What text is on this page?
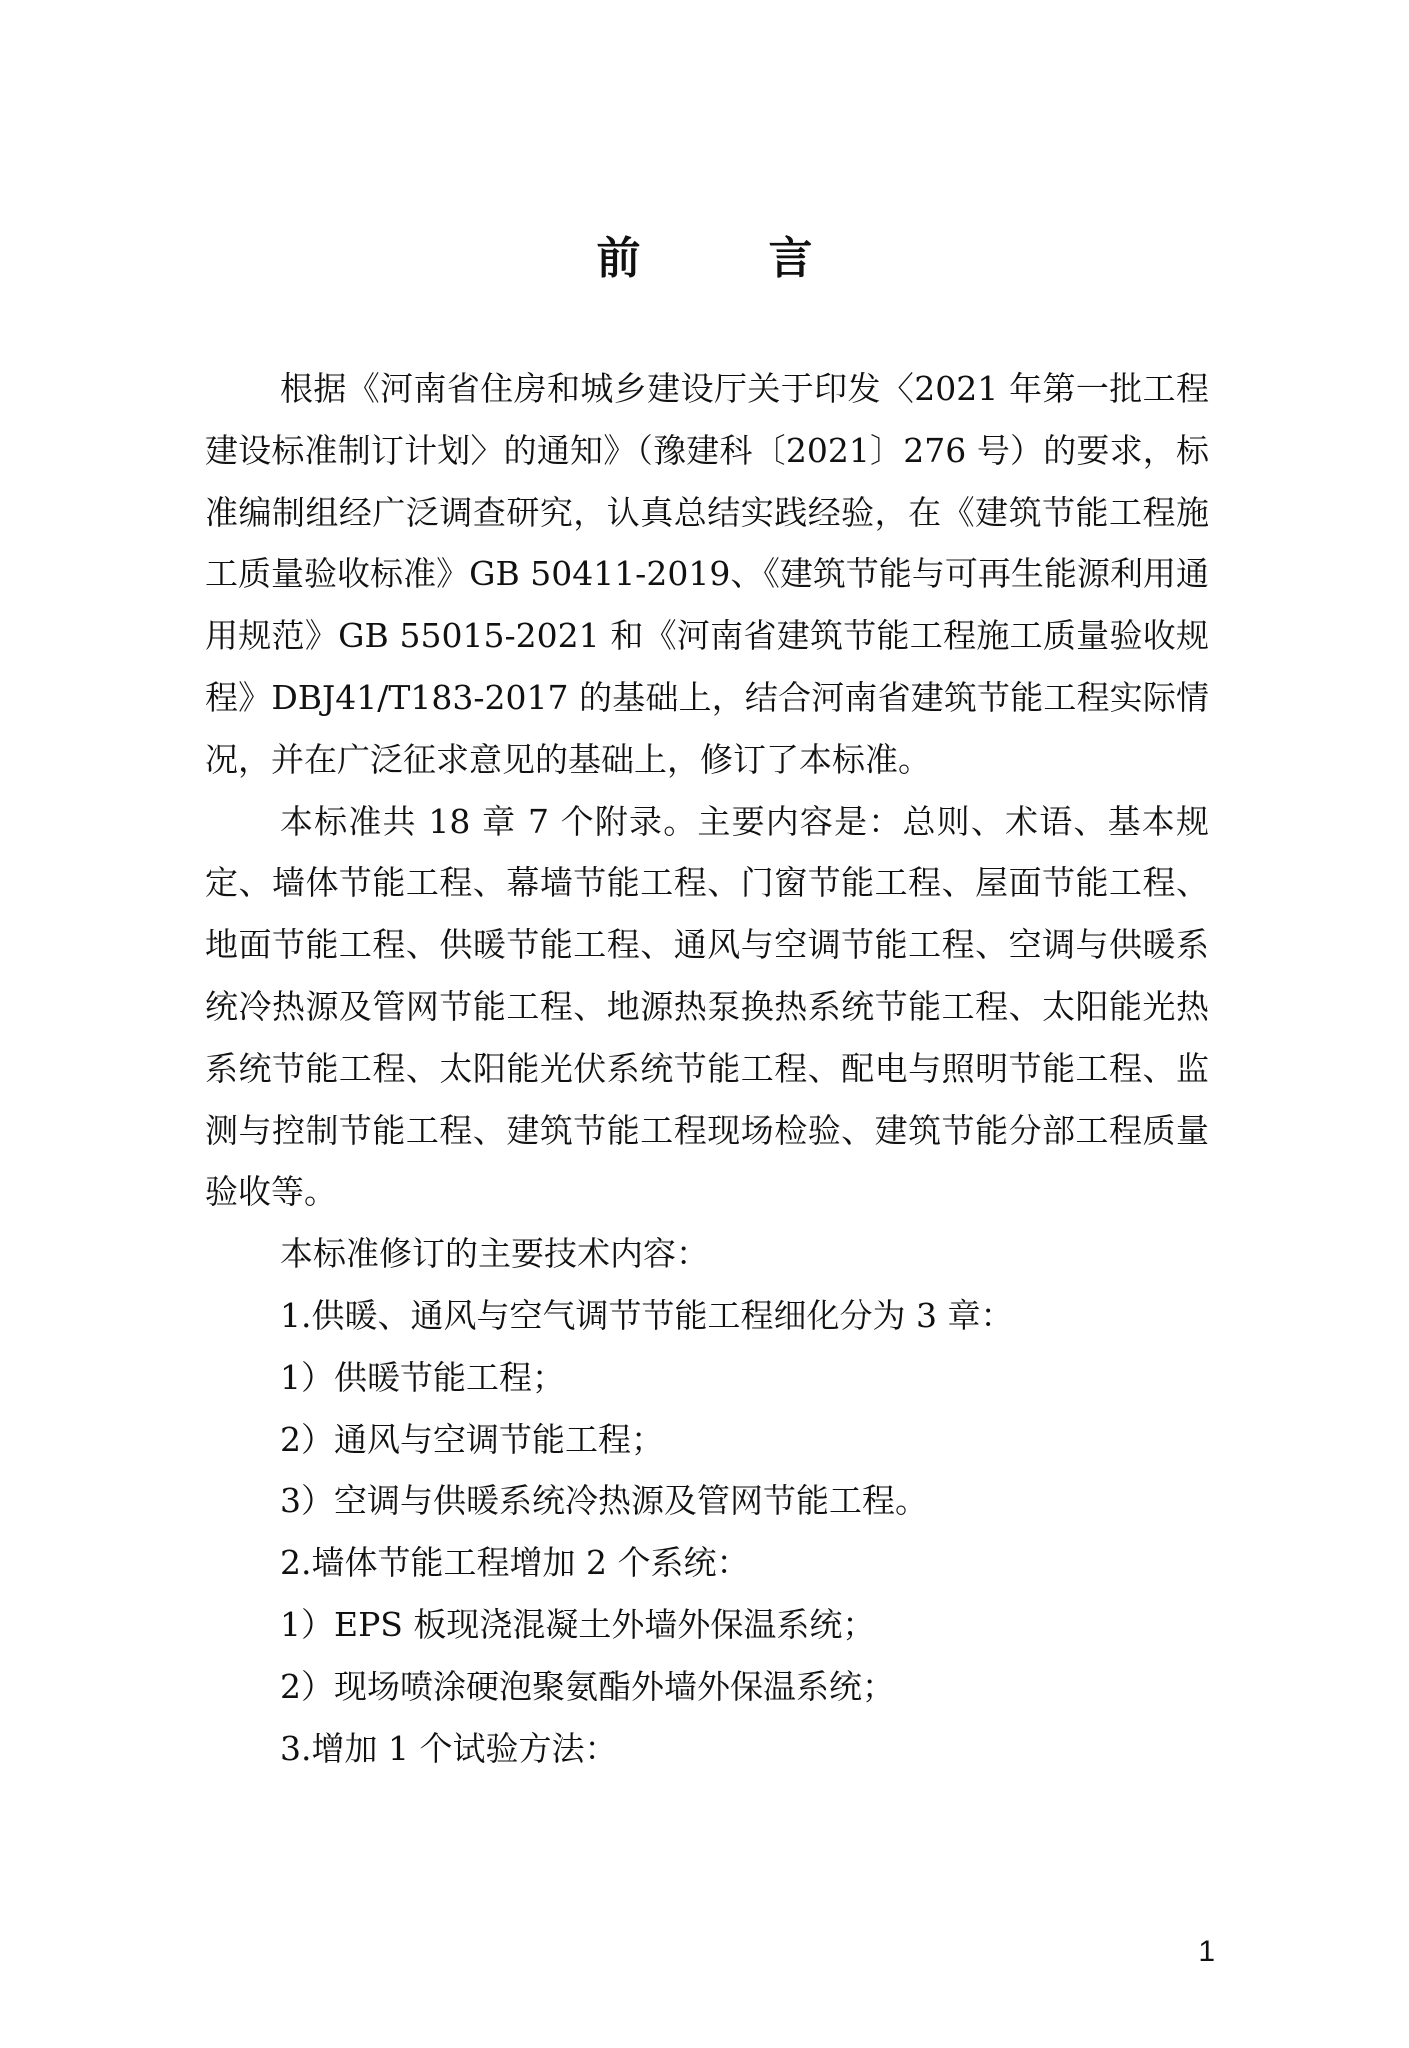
前　言

根据《河南省住房和城乡建设厅关于印发〈2021 年第一批工程建设标准制订计划〉的通知》（豫建科〔2021〕276 号）的要求，标准编制组经广泛调查研究，认真总结实践经验，在《建筑节能工程施工质量验收标准》GB 50411-2019、《建筑节能与可再生能源利用通用规范》GB 55015-2021 和《河南省建筑节能工程施工质量验收规程》DBJ41/T183-2017 的基础上，结合河南省建筑节能工程实际情况，并在广泛征求意见的基础上，修订了本标准。

本标准共 18 章 7 个附录。主要内容是：总则、术语、基本规定、墙体节能工程、幕墙节能工程、门窗节能工程、屋面节能工程、地面节能工程、供暖节能工程、通风与空调节能工程、空调与供暖系统冷热源及管网节能工程、地源热泵换热系统节能工程、太阳能光热系统节能工程、太阳能光伏系统节能工程、配电与照明节能工程、监测与控制节能工程、建筑节能工程现场检验、建筑节能分部工程质量验收等。

本标准修订的主要技术内容：

1.供暖、通风与空气调节节能工程细化分为 3 章：

1）供暖节能工程；

2）通风与空调节能工程；

3）空调与供暖系统冷热源及管网节能工程。

2.墙体节能工程增加 2 个系统：

1）EPS 板现浇混凝土外墙外保温系统；

2）现场喷涂硬泡聚氨酯外墙外保温系统；

3.增加 1 个试验方法：

1
